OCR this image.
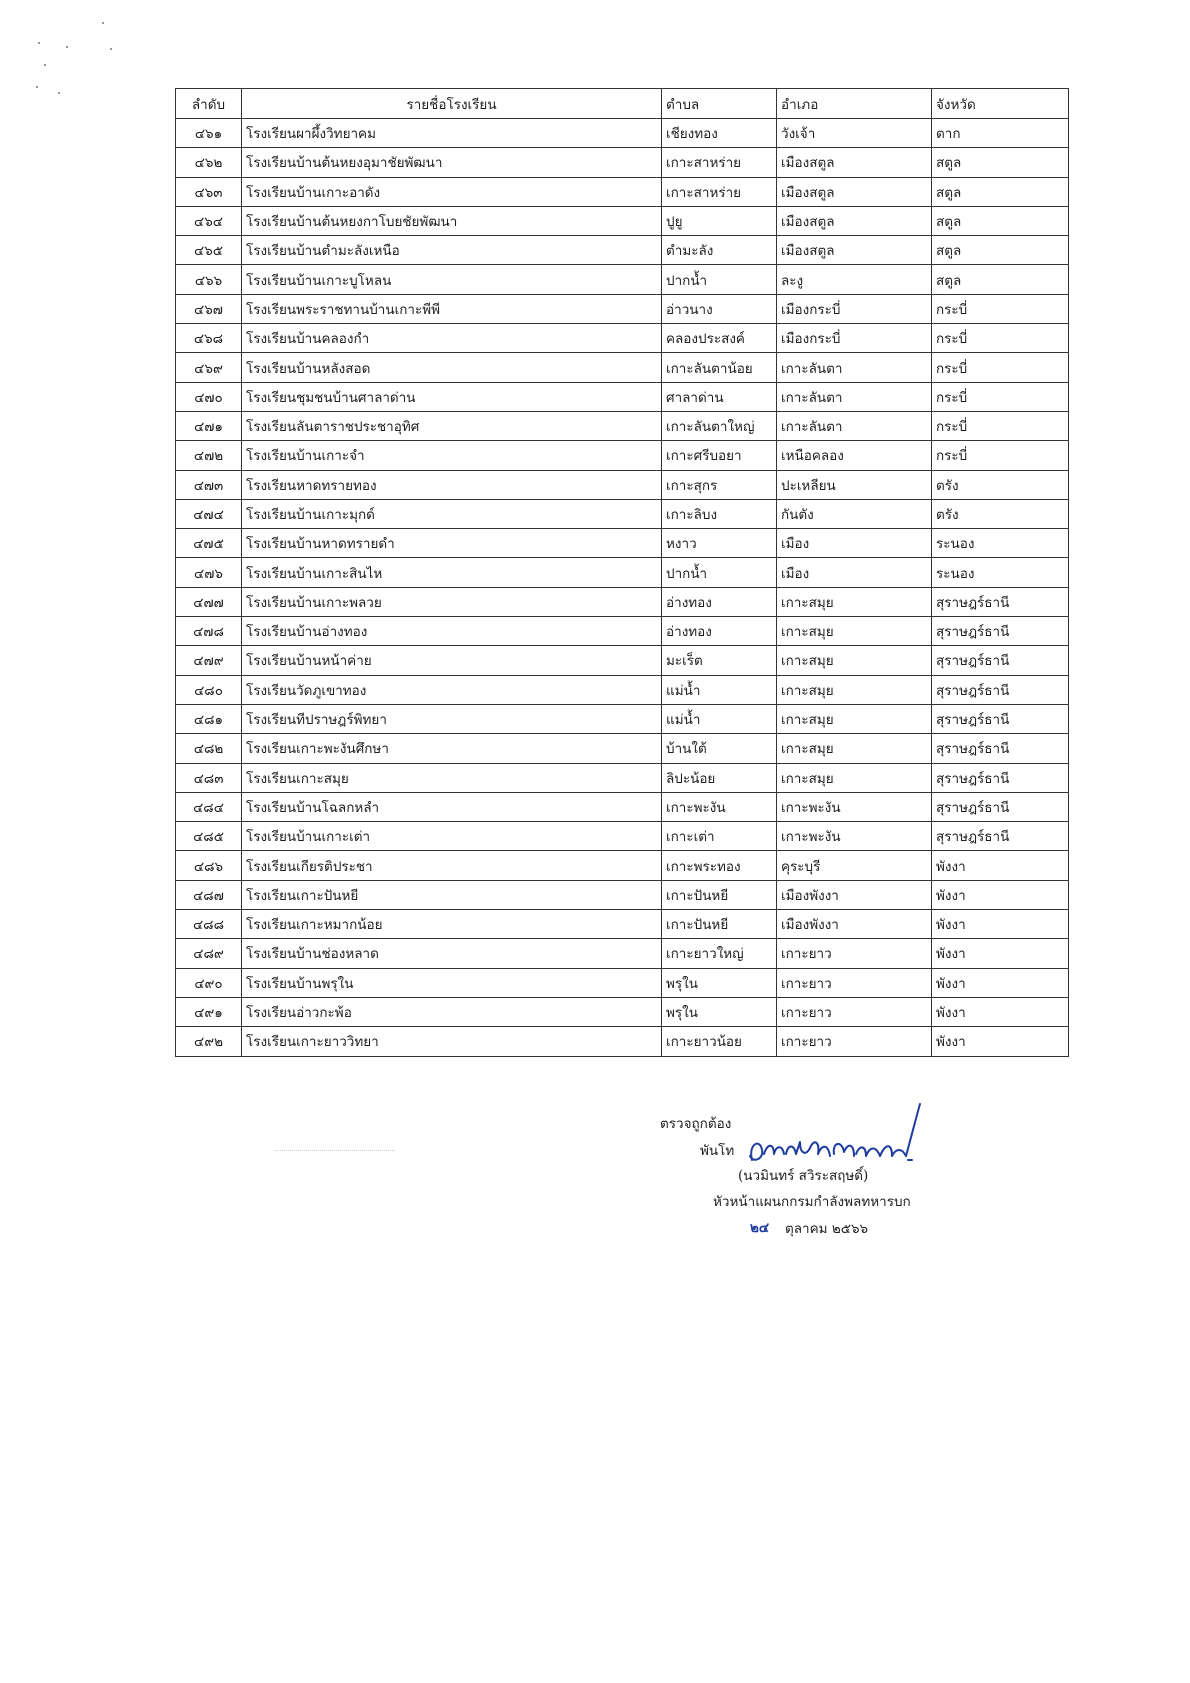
ลำดับ	รายชื่อโรงเรียน	ตำบล	อำเภอ	จังหวัด
๔๖๑	โรงเรียนผาผึ้งวิทยาคม	เชียงทอง	วังเจ้า	ตาก
๔๖๒	โรงเรียนบ้านต้นหยงอุมาชัยพัฒนา	เกาะสาหร่าย	เมืองสตูล	สตูล
๔๖๓	โรงเรียนบ้านเกาะอาดัง	เกาะสาหร่าย	เมืองสตูล	สตูล
๔๖๔	โรงเรียนบ้านต้นหยงกาโบยชัยพัฒนา	ปูยู	เมืองสตูล	สตูล
๔๖๕	โรงเรียนบ้านตำมะลังเหนือ	ตำมะลัง	เมืองสตูล	สตูล
๔๖๖	โรงเรียนบ้านเกาะบูโหลน	ปากน้ำ	ละงู	สตูล
๔๖๗	โรงเรียนพระราชทานบ้านเกาะพีพี	อ่าวนาง	เมืองกระบี่	กระบี่
๔๖๘	โรงเรียนบ้านคลองกำ	คลองประสงค์	เมืองกระบี่	กระบี่
๔๖๙	โรงเรียนบ้านหลังสอด	เกาะลันตาน้อย	เกาะลันตา	กระบี่
๔๗๐	โรงเรียนชุมชนบ้านศาลาด่าน	ศาลาด่าน	เกาะลันตา	กระบี่
๔๗๑	โรงเรียนลันตาราชประชาอุทิศ	เกาะลันตาใหญ่	เกาะลันตา	กระบี่
๔๗๒	โรงเรียนบ้านเกาะจำ	เกาะศรีบอยา	เหนือคลอง	กระบี่
๔๗๓	โรงเรียนหาดทรายทอง	เกาะสุกร	ปะเหลียน	ตรัง
๔๗๔	โรงเรียนบ้านเกาะมุกด์	เกาะลิบง	กันตัง	ตรัง
๔๗๕	โรงเรียนบ้านหาดทรายดำ	หงาว	เมือง	ระนอง
๔๗๖	โรงเรียนบ้านเกาะสินไห	ปากน้ำ	เมือง	ระนอง
๔๗๗	โรงเรียนบ้านเกาะพลวย	อ่างทอง	เกาะสมุย	สุราษฎร์ธานี
๔๗๘	โรงเรียนบ้านอ่างทอง	อ่างทอง	เกาะสมุย	สุราษฎร์ธานี
๔๗๙	โรงเรียนบ้านหน้าค่าย	มะเร็ต	เกาะสมุย	สุราษฎร์ธานี
๔๘๐	โรงเรียนวัดภูเขาทอง	แม่น้ำ	เกาะสมุย	สุราษฎร์ธานี
๔๘๑	โรงเรียนทีปราษฎร์พิทยา	แม่น้ำ	เกาะสมุย	สุราษฎร์ธานี
๔๘๒	โรงเรียนเกาะพะงันศึกษา	บ้านใต้	เกาะสมุย	สุราษฎร์ธานี
๔๘๓	โรงเรียนเกาะสมุย	ลิปะน้อย	เกาะสมุย	สุราษฎร์ธานี
๔๘๔	โรงเรียนบ้านโฉลกหลำ	เกาะพะงัน	เกาะพะงัน	สุราษฎร์ธานี
๔๘๕	โรงเรียนบ้านเกาะเต่า	เกาะเต่า	เกาะพะงัน	สุราษฎร์ธานี
๔๘๖	โรงเรียนเกียรติประชา	เกาะพระทอง	คุระบุรี	พังงา
๔๘๗	โรงเรียนเกาะปันหยี	เกาะปันหยี	เมืองพังงา	พังงา
๔๘๘	โรงเรียนเกาะหมากน้อย	เกาะปันหยี	เมืองพังงา	พังงา
๔๘๙	โรงเรียนบ้านช่องหลาด	เกาะยาวใหญ่	เกาะยาว	พังงา
๔๙๐	โรงเรียนบ้านพรุใน	พรุใน	เกาะยาว	พังงา
๔๙๑	โรงเรียนอ่าวกะพ้อ	พรุใน	เกาะยาว	พังงา
๔๙๒	โรงเรียนเกาะยาววิทยา	เกาะยาวน้อย	เกาะยาว	พังงา
ตรวจถูกต้อง
พันโท
(นวมินทร์ สวิระสฤษดิ์)
หัวหน้าแผนกกรมกำลังพลทหารบก
๒๔ ตุลาคม ๒๕๖๖
